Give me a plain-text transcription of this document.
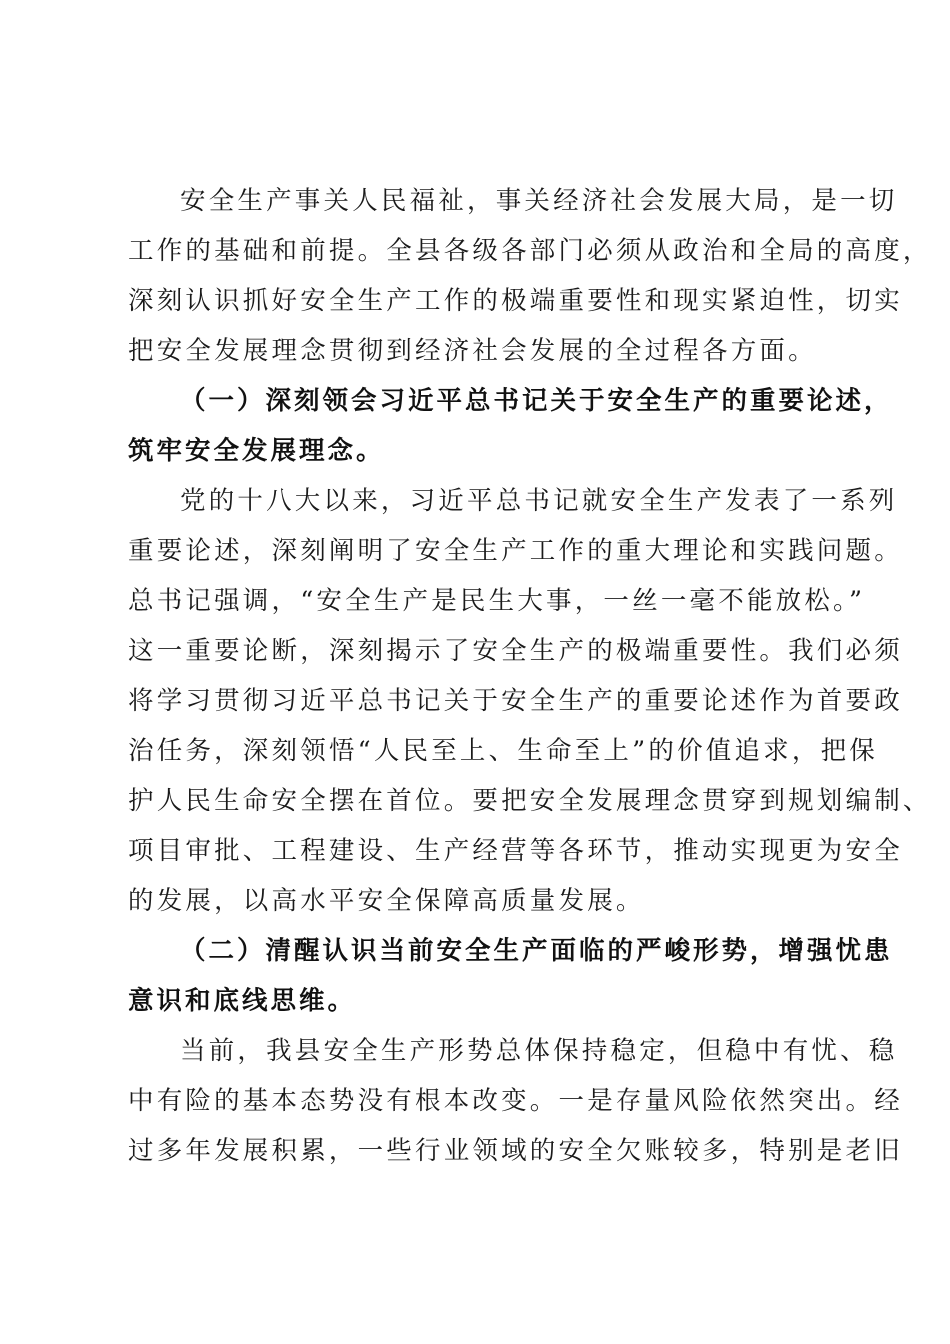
安全生产事关人民福祉，事关经济社会发展大局，是一切
工作的基础和前提。全县各级各部门必须从政治和全局的高度，
深刻认识抓好安全生产工作的极端重要性和现实紧迫性，切实
把安全发展理念贯彻到经济社会发展的全过程各方面。
（一）深刻领会习近平总书记关于安全生产的重要论述，
筑牢安全发展理念。
党的十八大以来，习近平总书记就安全生产发表了一系列
重要论述，深刻阐明了安全生产工作的重大理论和实践问题。
总书记强调，“安全生产是民生大事，一丝一毫不能放松。”
这一重要论断，深刻揭示了安全生产的极端重要性。我们必须
将学习贯彻习近平总书记关于安全生产的重要论述作为首要政
治任务，深刻领悟“人民至上、生命至上”的价值追求，把保
护人民生命安全摆在首位。要把安全发展理念贯穿到规划编制、
项目审批、工程建设、生产经营等各环节，推动实现更为安全
的发展，以高水平安全保障高质量发展。
（二）清醒认识当前安全生产面临的严峻形势，增强忧患
意识和底线思维。
当前，我县安全生产形势总体保持稳定，但稳中有忧、稳
中有险的基本态势没有根本改变。一是存量风险依然突出。经
过多年发展积累，一些行业领域的安全欠账较多，特别是老旧
